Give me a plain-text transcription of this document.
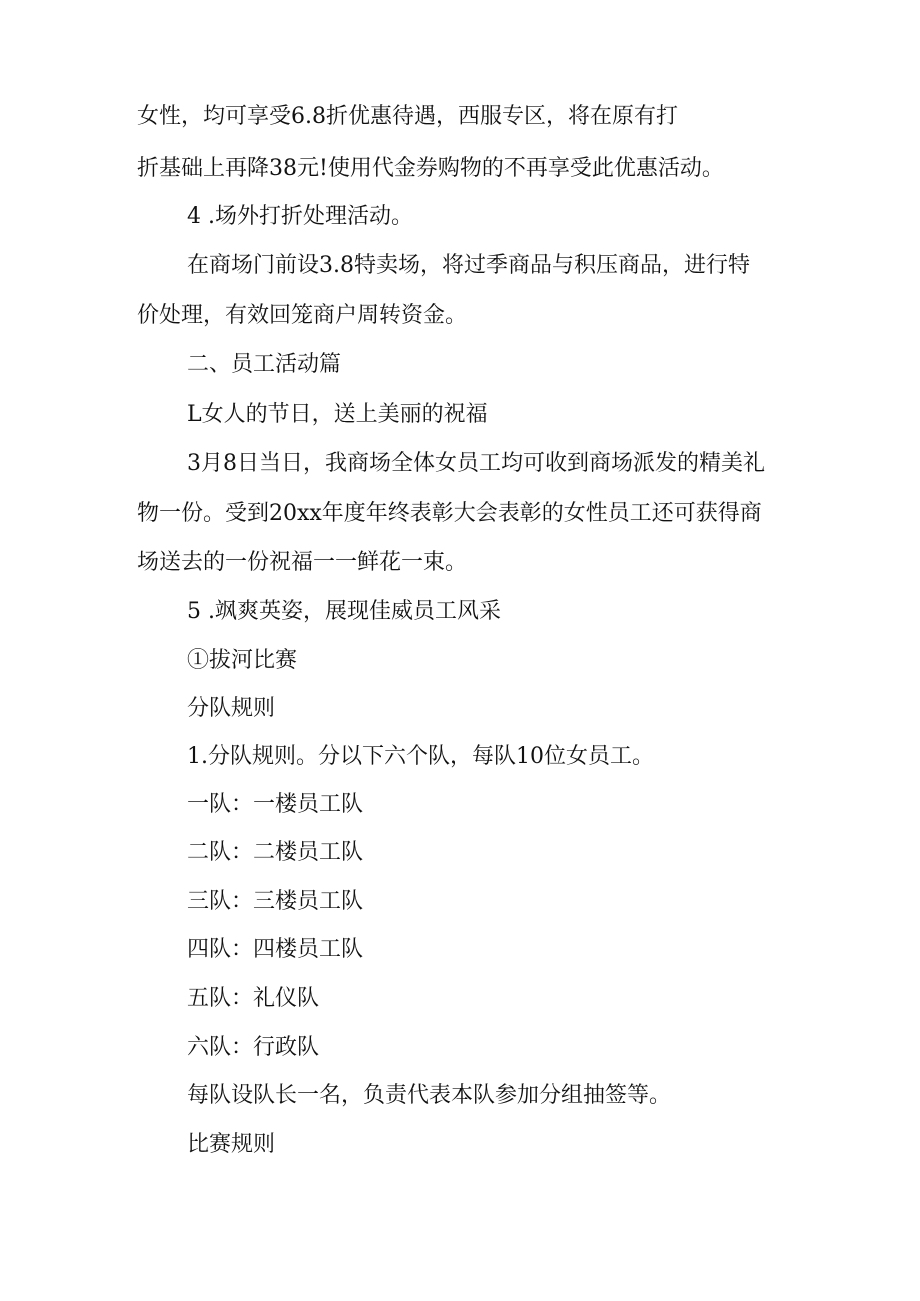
女性，均可享受6.8折优惠待遇，西服专区，将在原有打
折基础上再降38元!使用代金券购物的不再享受此优惠活动。
4 .场外打折处理活动。
在商场门前设3.8特卖场，将过季商品与积压商品，进行特
价处理，有效回笼商户周转资金。
二、员工活动篇
L女人的节日，送上美丽的祝福
3月8日当日，我商场全体女员工均可收到商场派发的精美礼
物一份。受到20xx年度年终表彰大会表彰的女性员工还可获得商
场送去的一份祝福一一鲜花一束。
5 .飒爽英姿，展现佳威员工风采
①拔河比赛
分队规则
1.分队规则。分以下六个队，每队10位女员工。
一队：一楼员工队
二队：二楼员工队
三队：三楼员工队
四队：四楼员工队
五队：礼仪队
六队：行政队
每队设队长一名，负责代表本队参加分组抽签等。
比赛规则
